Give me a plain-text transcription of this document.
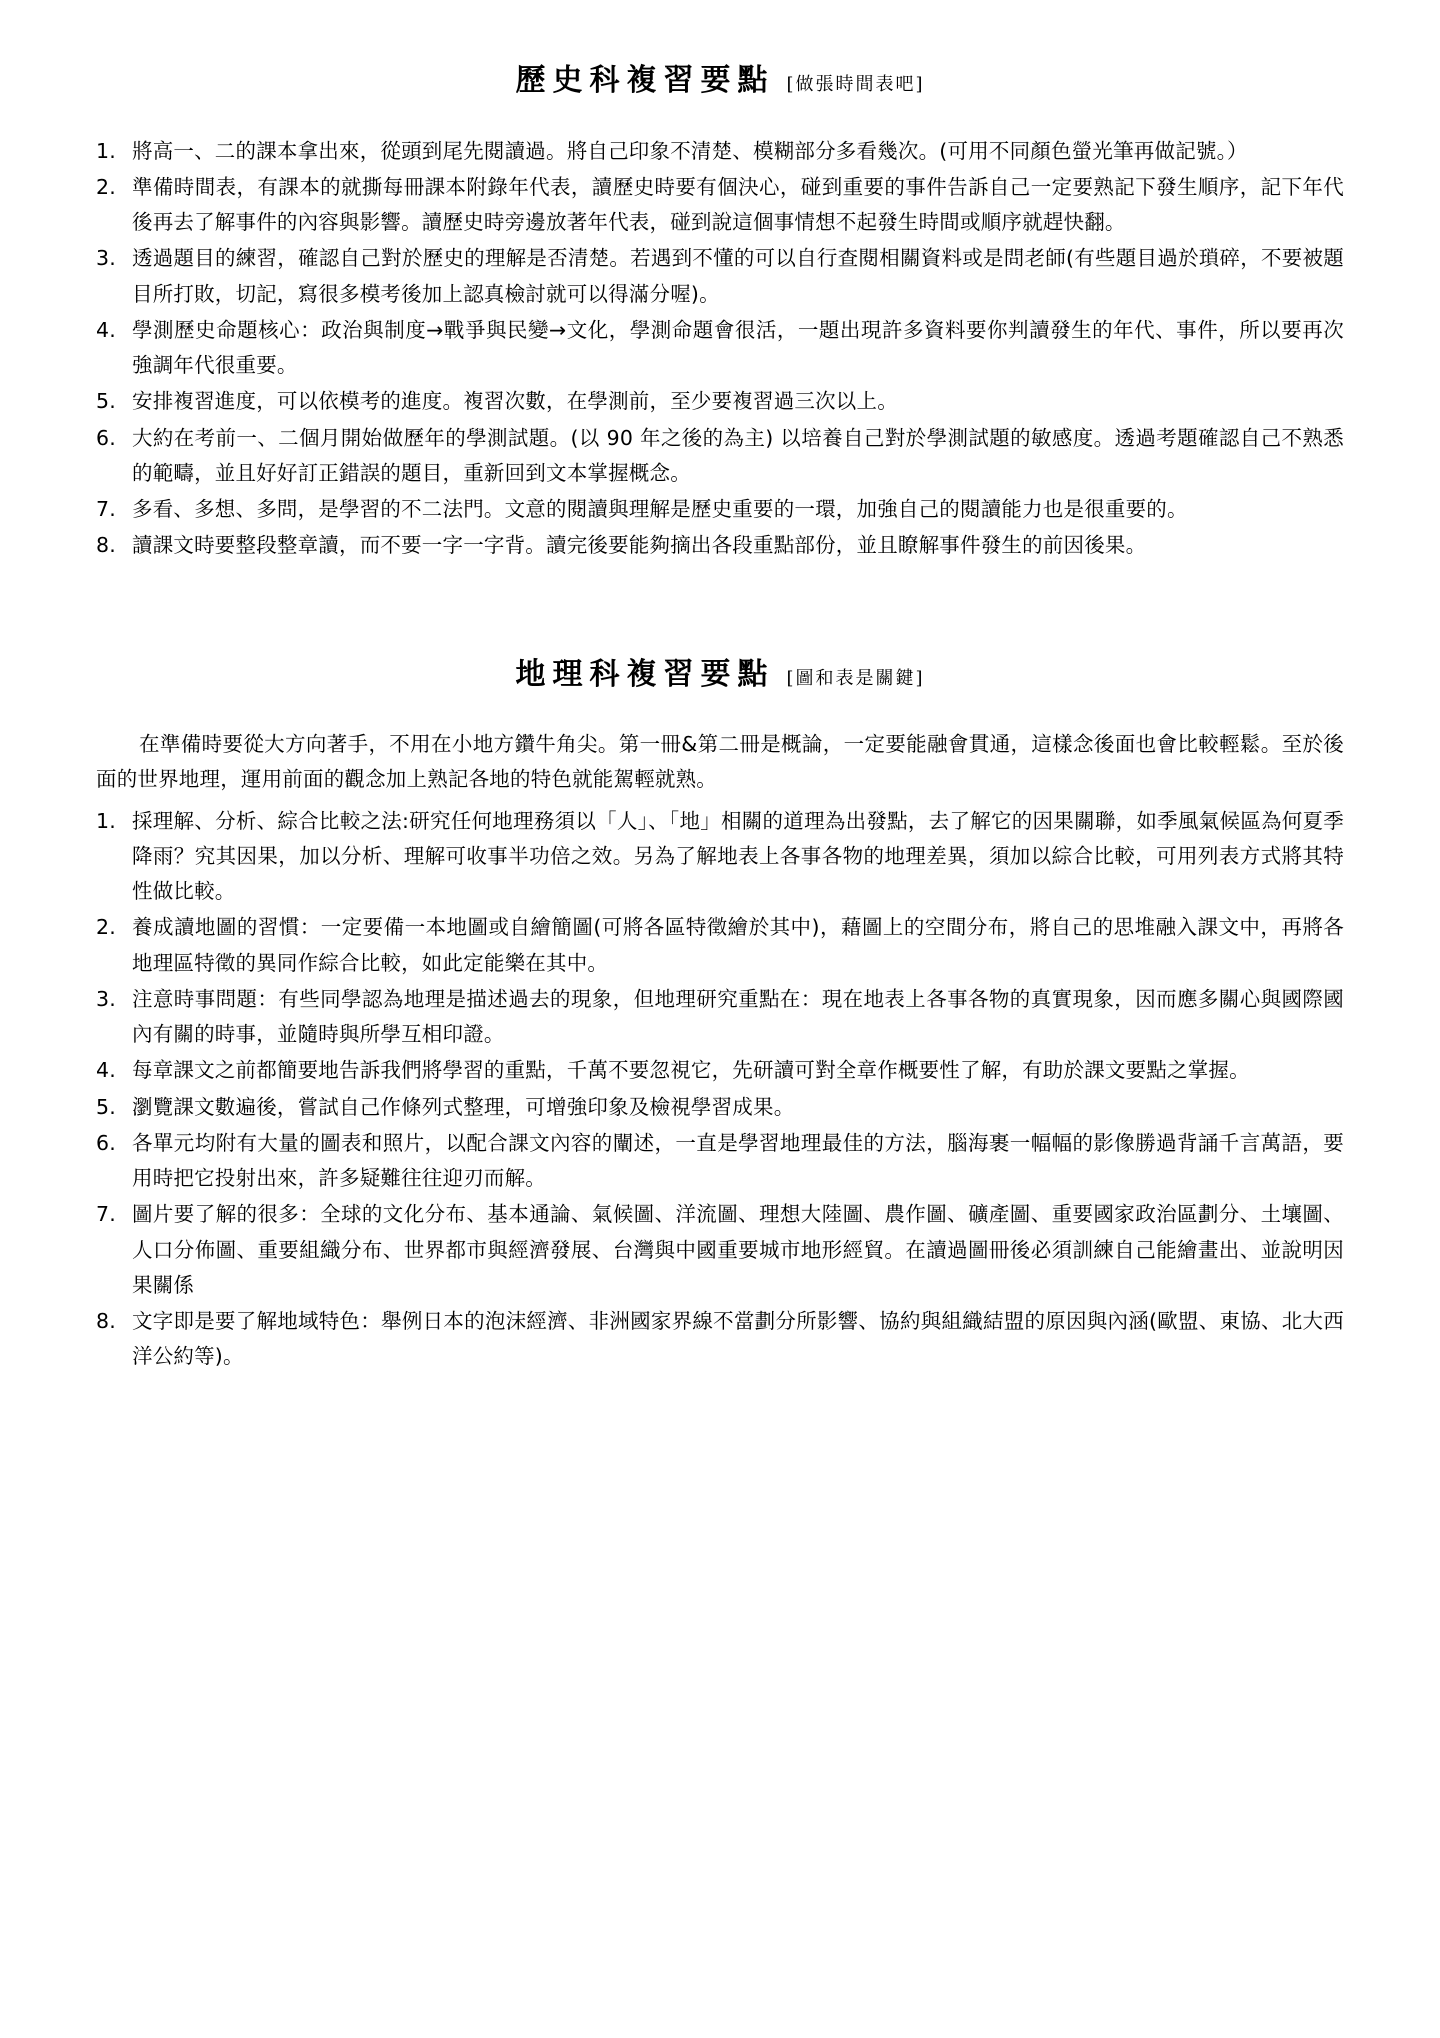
歷史科複習要點 [做張時間表吧]
將高一、二的課本拿出來，從頭到尾先閱讀過。將自己印象不清楚、模糊部分多看幾次。(可用不同顏色螢光筆再做記號。）
準備時間表，有課本的就撕每冊課本附錄年代表，讀歷史時要有個決心，碰到重要的事件告訴自己一定要熟記下發生順序，記下年代後再去了解事件的內容與影響。讀歷史時旁邊放著年代表，碰到說這個事情想不起發生時間或順序就趕快翻。
透過題目的練習，確認自己對於歷史的理解是否清楚。若遇到不懂的可以自行查閱相關資料或是問老師(有些題目過於瑣碎，不要被題目所打敗，切記，寫很多模考後加上認真檢討就可以得滿分喔)。
學測歷史命題核心：政治與制度→戰爭與民變→文化，學測命題會很活，一題出現許多資料要你判讀發生的年代、事件，所以要再次強調年代很重要。
安排複習進度，可以依模考的進度。複習次數，在學測前，至少要複習過三次以上。
大約在考前一、二個月開始做歷年的學測試題。(以 90 年之後的為主) 以培養自己對於學測試題的敏感度。透過考題確認自己不熟悉的範疇，並且好好訂正錯誤的題目，重新回到文本掌握概念。
多看、多想、多問，是學習的不二法門。文意的閱讀與理解是歷史重要的一環，加強自己的閱讀能力也是很重要的。
讀課文時要整段整章讀，而不要一字一字背。讀完後要能夠摘出各段重點部份，並且瞭解事件發生的前因後果。
地理科複習要點 [圖和表是關鍵]

在準備時要從大方向著手，不用在小地方鑽牛角尖。第一冊&第二冊是概論，一定要能融會貫通，這樣念後面也會比較輕鬆。至於後面的世界地理，運用前面的觀念加上熟記各地的特色就能駕輕就熟。

採理解、分析、綜合比較之法:研究任何地理務須以「人」、「地」相關的道理為出發點，去了解它的因果關聯，如季風氣候區為何夏季降雨？究其因果，加以分析、理解可收事半功倍之效。另為了解地表上各事各物的地理差異，須加以綜合比較，可用列表方式將其特性做比較。
養成讀地圖的習慣：一定要備一本地圖或自繪簡圖(可將各區特徵繪於其中)，藉圖上的空間分布，將自己的思堆融入課文中，再將各地理區特徵的異同作綜合比較，如此定能樂在其中。
注意時事問題：有些同學認為地理是描述過去的現象，但地理研究重點在：現在地表上各事各物的真實現象，因而應多關心與國際國內有關的時事，並隨時與所學互相印證。
每章課文之前都簡要地告訴我們將學習的重點，千萬不要忽視它，先研讀可對全章作概要性了解，有助於課文要點之掌握。
瀏覽課文數遍後，嘗試自己作條列式整理，可增強印象及檢視學習成果。
各單元均附有大量的圖表和照片，以配合課文內容的闡述，一直是學習地理最佳的方法，腦海裹一幅幅的影像勝過背誦千言萬語，要用時把它投射出來，許多疑難往往迎刃而解。
圖片要了解的很多：全球的文化分布、基本通論、氣候圖、洋流圖、理想大陸圖、農作圖、礦產圖、重要國家政治區劃分、土壤圖、人口分佈圖、重要組織分布、世界都市與經濟發展、台灣與中國重要城市地形經貿。在讀過圖冊後必須訓練自己能繪畫出、並說明因果關係
文字即是要了解地域特色：舉例日本的泡沫經濟、非洲國家界線不當劃分所影響、協約與組織結盟的原因與內涵(歐盟、東協、北大西洋公約等)。
